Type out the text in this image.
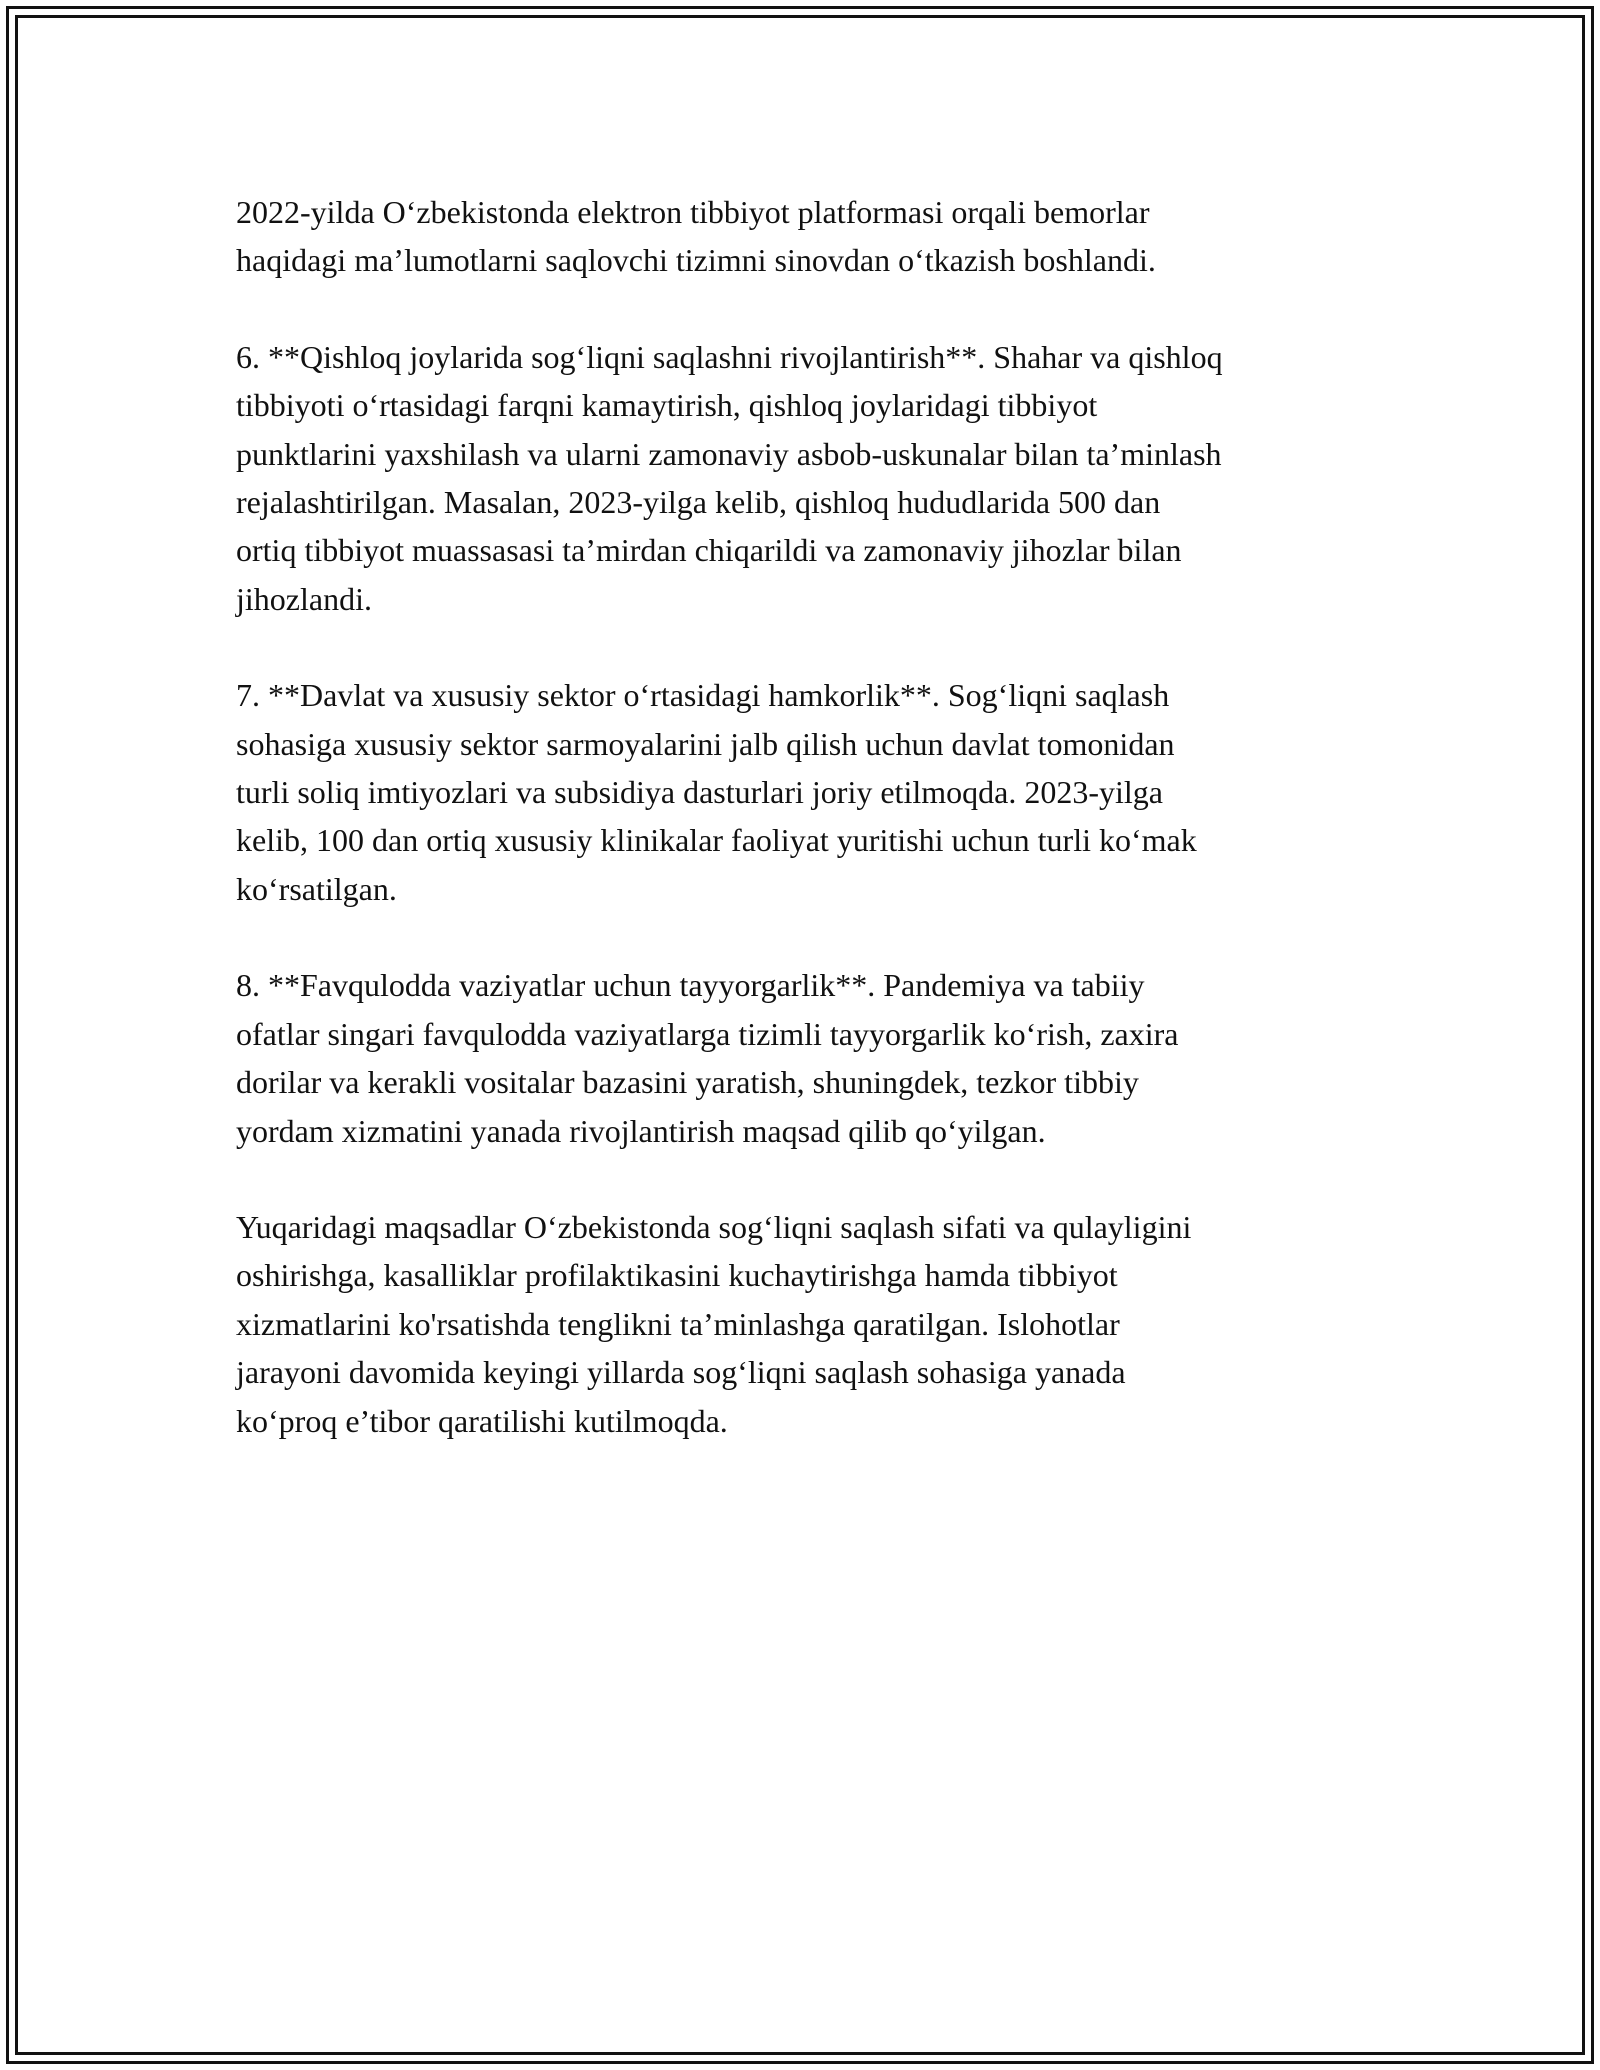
2022-yilda O‘zbekistonda elektron tibbiyot platformasi orqali bemorlar
haqidagi ma’lumotlarni saqlovchi tizimni sinovdan o‘tkazish boshlandi.

6. **Qishloq joylarida sog‘liqni saqlashni rivojlantirish**. Shahar va qishloq
tibbiyoti o‘rtasidagi farqni kamaytirish, qishloq joylaridagi tibbiyot
punktlarini yaxshilash va ularni zamonaviy asbob-uskunalar bilan ta’minlash
rejalashtirilgan. Masalan, 2023-yilga kelib, qishloq hududlarida 500 dan
ortiq tibbiyot muassasasi ta’mirdan chiqarildi va zamonaviy jihozlar bilan
jihozlandi.

7. **Davlat va xususiy sektor o‘rtasidagi hamkorlik**. Sog‘liqni saqlash
sohasiga xususiy sektor sarmoyalarini jalb qilish uchun davlat tomonidan
turli soliq imtiyozlari va subsidiya dasturlari joriy etilmoqda. 2023-yilga
kelib, 100 dan ortiq xususiy klinikalar faoliyat yuritishi uchun turli ko‘mak
ko‘rsatilgan.

8. **Favqulodda vaziyatlar uchun tayyorgarlik**. Pandemiya va tabiiy
ofatlar singari favqulodda vaziyatlarga tizimli tayyorgarlik ko‘rish, zaxira
dorilar va kerakli vositalar bazasini yaratish, shuningdek, tezkor tibbiy
yordam xizmatini yanada rivojlantirish maqsad qilib qo‘yilgan.

Yuqaridagi maqsadlar O‘zbekistonda sog‘liqni saqlash sifati va qulayligini
oshirishga, kasalliklar profilaktikasini kuchaytirishga hamda tibbiyot
xizmatlarini ko'rsatishda tenglikni ta’minlashga qaratilgan. Islohotlar
jarayoni davomida keyingi yillarda sog‘liqni saqlash sohasiga yanada
ko‘proq e’tibor qaratilishi kutilmoqda.
